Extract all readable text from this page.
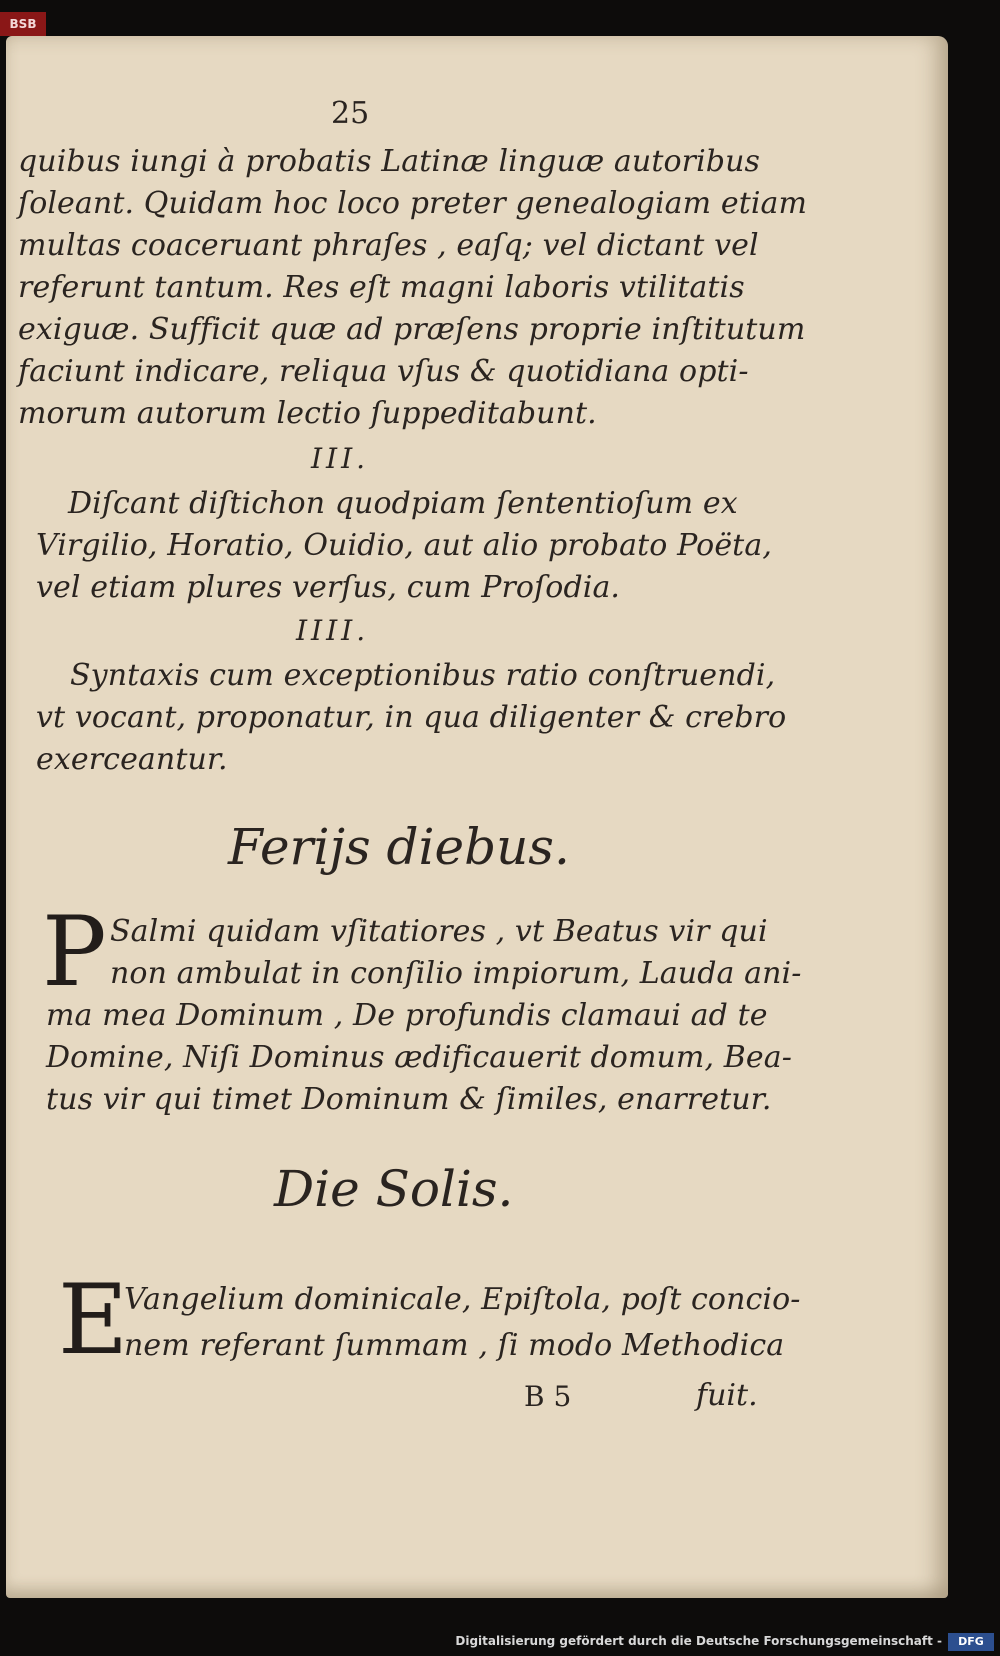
BSB
25
quibus iungi à probatis Latinæ linguæ autoribus
ſoleant. Quidam hoc loco preter genealogiam etiam
multas coaceruant phraſes , eaſq; vel dictant vel
referunt tantum. Res eſt magni laboris vtilitatis
exiguæ. Sufficit quæ ad præſens proprie inſtitutum
faciunt indicare, reliqua vſus & quotidiana opti-
morum autorum lectio ſuppeditabunt.
III.
Diſcant diſtichon quodpiam ſententioſum ex
Virgilio, Horatio, Ouidio, aut alio probato Poëta,
vel etiam plures verſus, cum Proſodia.
IIII.
Syntaxis cum exceptionibus ratio conſtruendi,
vt vocant, proponatur, in qua diligenter & crebro
exerceantur.
Ferijs diebus.
P Salmi quidam vſitatiores , vt Beatus vir qui
non ambulat in conſilio impiorum, Lauda ani-
ma mea Dominum , De profundis clamaui ad te
Domine, Niſi Dominus ædificauerit domum, Bea-
tus vir qui timet Dominum & ſimiles, enarretur.
Die Solis.
E
Vangelium dominicale, Epiſtola, poſt concio-
nem referant ſummam , ſi modo Methodica
B 5	fuit.
Digitalisierung gefördert durch die Deutsche Forschungsgemeinschaft -	DFG
